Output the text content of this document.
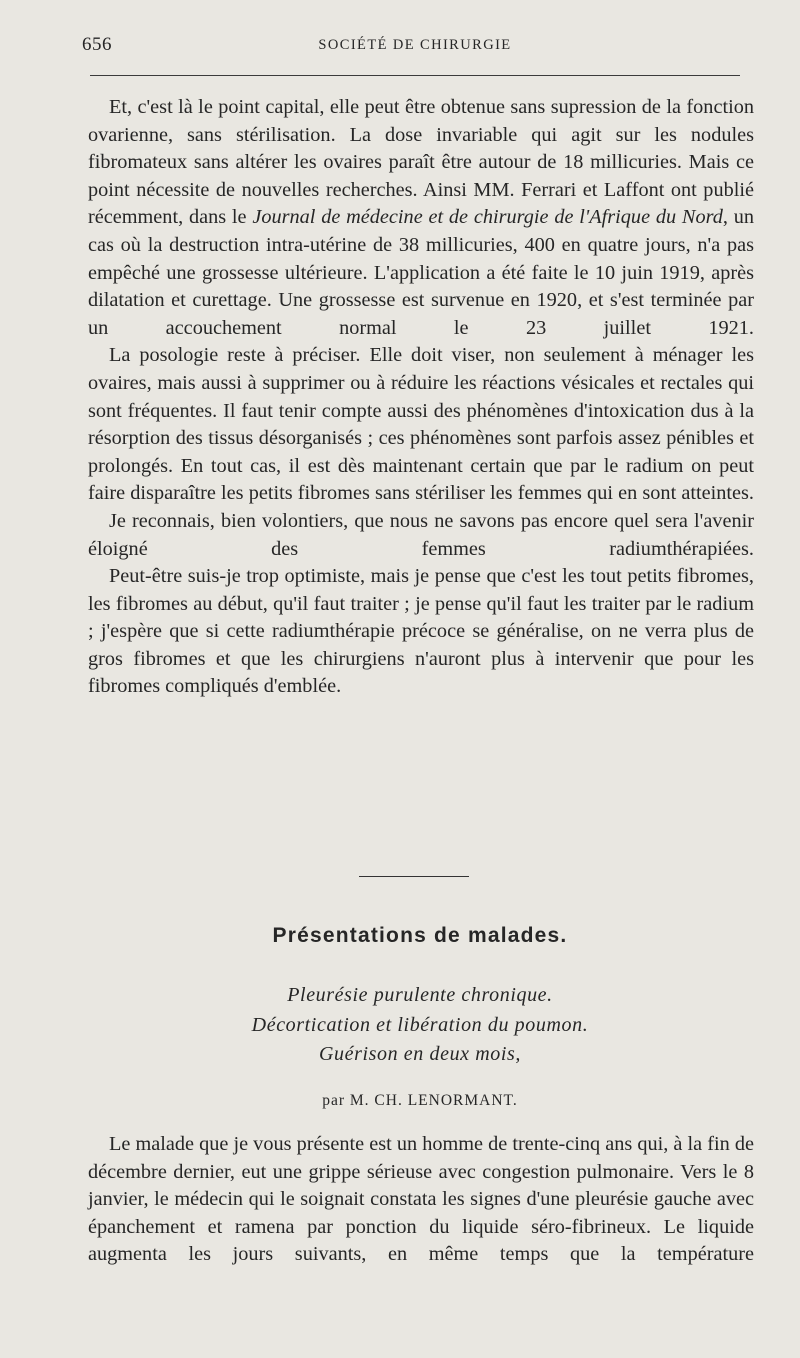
656	SOCIÉTÉ DE CHIRURGIE

Et, c'est là le point capital, elle peut être obtenue sans supression de la fonction ovarienne, sans stérilisation. La dose invariable qui agit sur les nodules fibromateux sans altérer les ovaires paraît être autour de 18 millicuries. Mais ce point nécessite de nouvelles recherches. Ainsi MM. Ferrari et Laffont ont publié récemment, dans le Journal de médecine et de chirurgie de l'Afrique du Nord, un cas où la destruction intra-utérine de 38 millicuries, 400 en quatre jours, n'a pas empêché une grossesse ultérieure. L'application a été faite le 10 juin 1919, après dilatation et curettage. Une grossesse est survenue en 1920, et s'est terminée par un accouchement normal le 23 juillet 1921.

La posologie reste à préciser. Elle doit viser, non seulement à ménager les ovaires, mais aussi à supprimer ou à réduire les réactions vésicales et rectales qui sont fréquentes. Il faut tenir compte aussi des phénomènes d'intoxication dus à la résorption des tissus désorganisés ; ces phénomènes sont parfois assez pénibles et prolongés. En tout cas, il est dès maintenant certain que par le radium on peut faire disparaître les petits fibromes sans stériliser les femmes qui en sont atteintes.

Je reconnais, bien volontiers, que nous ne savons pas encore quel sera l'avenir éloigné des femmes radiumthérapiées.

Peut-être suis-je trop optimiste, mais je pense que c'est les tout petits fibromes, les fibromes au début, qu'il faut traiter ; je pense qu'il faut les traiter par le radium ; j'espère que si cette radiumthérapie précoce se généralise, on ne verra plus de gros fibromes et que les chirurgiens n'auront plus à intervenir que pour les fibromes compliqués d'emblée.

Présentations de malades.
Pleurésie purulente chronique.
Décortication et libération du poumon.
Guérison en deux mois,
par M. CH. LENORMANT.

Le malade que je vous présente est un homme de trente-cinq ans qui, à la fin de décembre dernier, eut une grippe sérieuse avec congestion pulmonaire. Vers le 8 janvier, le médecin qui le soignait constata les signes d'une pleurésie gauche avec épanchement et ramena par ponction du liquide séro-fibrineux. Le liquide augmenta les jours suivants, en même temps que la température
